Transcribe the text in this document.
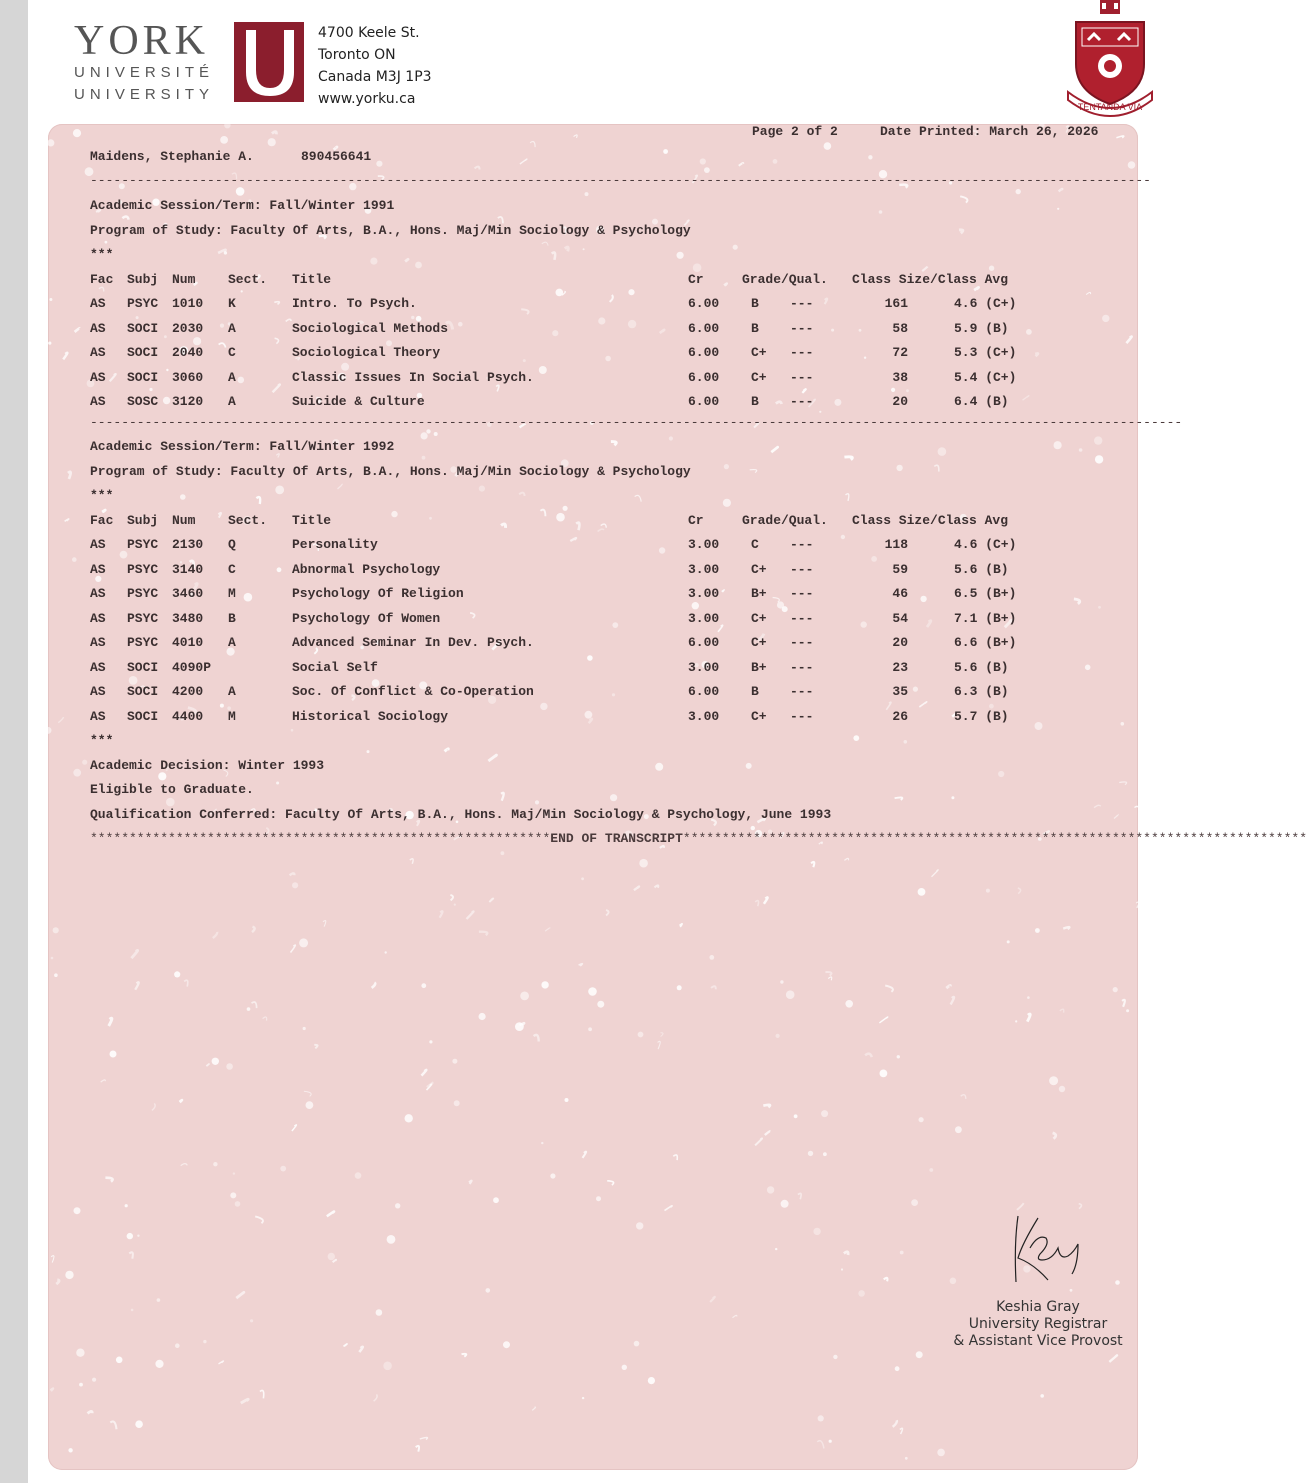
YORK
UNIVERSITÉ
UNIVERSITY
4700 Keele St.
Toronto ON
Canada M3J 1P3
www.yorku.ca	TENTANDA VIA
Page 2 of 2	Date Printed: March 26, 2026
Maidens, Stephanie A.	890456641
----------------------------------------------------------------------------------------------------------------------------------------
Academic Session/Term: Fall/Winter 1991
Program of Study: Faculty Of Arts, B.A., Hons. Maj/Min Sociology & Psychology
***
Fac Subj Num	Sect. Title	Cr	Grade/Qual. Class Size/Class Avg
AS PSYC 1010 K	Intro. To Psych.	6.00 B ---	161	4.6 (C+)
AS SOCI 2030 A	Sociological Methods	6.00 B ---	58	5.9 (B)
AS SOCI 2040 C	Sociological Theory	6.00 C+ ---	72	5.3 (C+)
AS SOCI 3060 A	Classic Issues In Social Psych.	6.00 C+ ---	38	5.4 (C+)
AS SOSC 3120 A	Suicide & Culture	6.00 B ---	20	6.4 (B)
--------------------------------------------------------------------------------------------------------------------------------------------
Academic Session/Term: Fall/Winter 1992
Program of Study: Faculty Of Arts, B.A., Hons. Maj/Min Sociology & Psychology
***
Fac Subj Num	Sect. Title	Cr	Grade/Qual. Class Size/Class Avg
AS PSYC 2130 Q	Personality	3.00 C ---	118	4.6 (C+)
AS PSYC 3140 C	Abnormal Psychology	3.00 C+ ---	59	5.6 (B)
AS PSYC 3460 M	Psychology Of Religion	3.00 B+ ---	46	6.5 (B+)
AS PSYC 3480 B	Psychology Of Women	3.00 C+ ---	54	7.1 (B+)
AS PSYC 4010 A	Advanced Seminar In Dev. Psych.	6.00 C+ ---	20	6.6 (B+)
AS SOCI 4090P	Social Self	3.00 B+ ---	23	5.6 (B)
AS SOCI 4200 A	Soc. Of Conflict & Co-Operation	6.00 B ---	35	6.3 (B)
AS SOCI 4400 M	Historical Sociology	3.00 C+ ---	26	5.7 (B)
***
Academic Decision: Winter 1993
Eligible to Graduate.
Qualification Conferred: Faculty Of Arts, B.A., Hons. Maj/Min Sociology & Psychology, June 1993
***********************************************************END OF TRANSCRIPT********************************************************************************
Keshia Gray
University Registrar
& Assistant Vice Provost
